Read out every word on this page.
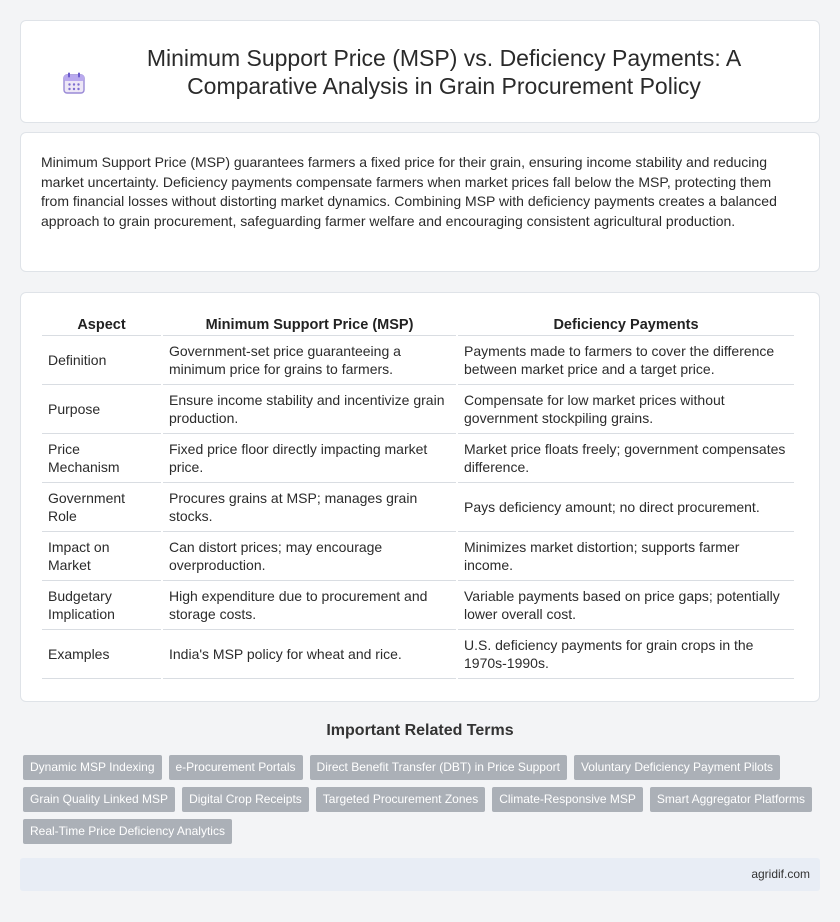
Minimum Support Price (MSP) vs. Deficiency Payments: A Comparative Analysis in Grain Procurement Policy

Minimum Support Price (MSP) guarantees farmers a fixed price for their grain, ensuring income stability and reducing market uncertainty. Deficiency payments compensate farmers when market prices fall below the MSP, protecting them from financial losses without distorting market dynamics. Combining MSP with deficiency payments creates a balanced approach to grain procurement, safeguarding farmer welfare and encouraging consistent agricultural production.

Aspect	Minimum Support Price (MSP)	Deficiency Payments
Definition	Government-set price guaranteeing a minimum price for grains to farmers.	Payments made to farmers to cover the difference between market price and a target price.
Purpose	Ensure income stability and incentivize grain production.	Compensate for low market prices without government stockpiling grains.
Price Mechanism	Fixed price floor directly impacting market price.	Market price floats freely; government compensates difference.
Government Role	Procures grains at MSP; manages grain stocks.	Pays deficiency amount; no direct procurement.
Impact on Market	Can distort prices; may encourage overproduction.	Minimizes market distortion; supports farmer income.
Budgetary Implication	High expenditure due to procurement and storage costs.	Variable payments based on price gaps; potentially lower overall cost.
Examples	India's MSP policy for wheat and rice.	U.S. deficiency payments for grain crops in the 1970s-1990s.
Important Related Terms
Dynamic MSP Indexing	e-Procurement Portals	Direct Benefit Transfer (DBT) in Price Support	Voluntary Deficiency Payment Pilots
Grain Quality Linked MSP	Digital Crop Receipts	Targeted Procurement Zones	Climate-Responsive MSP	Smart Aggregator Platforms
Real-Time Price Deficiency Analytics
agridif.com
